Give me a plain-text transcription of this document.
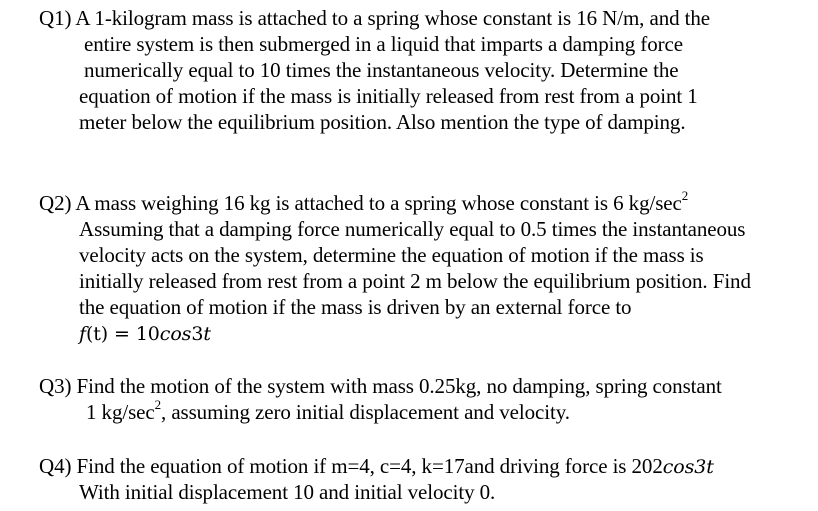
Q1) A 1-kilogram mass is attached to a spring whose constant is 16 N/m, and the
entire system is then submerged in a liquid that imparts a damping force
numerically equal to 10 times the instantaneous velocity. Determine the
equation of motion if the mass is initially released from rest from a point 1
meter below the equilibrium position. Also mention the type of damping.
Q2) A mass weighing 16 kg is attached to a spring whose constant is 6 $kg/\sec^2$
Assuming that a damping force numerically equal to 0.5 times the instantaneous
velocity acts on the system, determine the equation of motion if the mass is
initially released from rest from a point 2 m below the equilibrium position. Find
the equation of motion if the mass is driven by an external force to
f(t) = 10cos3t
Q3) Find the motion of the system with mass 0.25kg, no damping, spring constant
1 $kg/\sec^2$, assuming zero initial displacement and velocity.
Q4) Find the equation of motion if m=4, c=4, k=17and driving force is 202cos3t
With initial displacement 10 and initial velocity 0.
